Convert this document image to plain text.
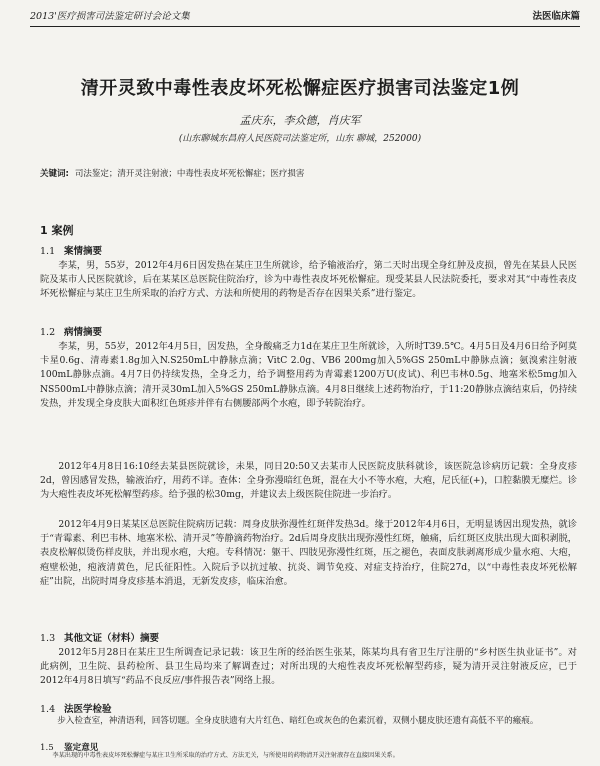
2013'医疗损害司法鉴定研讨会论文集	法医临床篇
清开灵致中毒性表皮坏死松懈症医疗损害司法鉴定1例
孟庆东，李众德，肖庆军
(山东聊城东昌府人民医院司法鉴定所，山东 聊城，252000)
关键词: 司法鉴定；清开灵注射液；中毒性表皮坏死松懈症；医疗损害
1 案例
1.1 案情摘要

李某，男，55岁，2012年4月6日因发热在某庄卫生所就诊，给予输液治疗，第二天时出现全身红肿及皮损，曾先在某县人民医院及某市人民医院就诊，后在某某区总医院住院治疗，诊为中毒性表皮坏死松懈症。现受某县人民法院委托，要求对其“中毒性表皮坏死松懈症与某庄卫生所采取的治疗方式、方法和所使用的药物是否存在因果关系”进行鉴定。

1.2 病情摘要

李某，男，55岁，2012年4月5日，因发热，全身酸痛乏力1d在某庄卫生所就诊，入所时T39.5℃。4月5日及4月6日给予阿莫卡星0.6g、清毒素1.8g加入N.S250mL中静脉点滴；VitC 2.0g、VB6 200mg加入5%GS 250mL中静脉点滴；氨溴索注射液100mL静脉点滴。4月7日仍持续发热，全身乏力，给予调整用药为青霉素1200万U(皮试)、利巴韦林0.5g、地塞米松5mg加入NS500mL中静脉点滴；清开灵30mL加入5%GS 250mL静脉点滴。4月8日继续上述药物治疗，于11:20静脉点滴结束后，仍持续发热，并发现全身皮肤大面积红色斑疹并伴有右侧腰部两个水疱，即予转院治疗。

2012年4月8日16:10经去某县医院就诊，未果，同日20:50又去某市人民医院皮肤科就诊，该医院急诊病历记载：全身皮疹2d，曾因感冒发热，输液治疗，用药不详。查体：全身弥漫暗红色斑，混在大小不等水疱，大疱，尼氏征(+)，口腔黏膜无糜烂。诊为大疱性表皮坏死松解型药疹。给予强的松30mg，并建议去上级医院住院进一步治疗。

2012年4月9日某某区总医院住院病历记载：周身皮肤弥漫性红斑伴发热3d。缘于2012年4月6日，无明显诱因出现发热，就诊于“青霉素、利巴韦林、地塞米松、清开灵”等静滴药物治疗。2d后周身皮肤出现弥漫性红斑，触痛，后红斑区皮肤出现大面积剥脱，表皮松解似烫伤样皮肤，并出现水疱，大疱。专科情况：躯干、四肢见弥漫性红斑，压之褪色，表面皮肤剥离形成少量水疱、大疱，疱壁松弛，疱液清黄色，尼氏征阳性。入院后予以抗过敏、抗炎、调节免疫、对症支持治疗，住院27d，以“中毒性表皮坏死松解症”出院，出院时周身皮疹基本消退，无新发皮疹，临床治愈。

1.3 其他文证（材料）摘要

2012年5月28日在某庄卫生所调查记录记载：该卫生所的经治医生张某，陈某均具有省卫生厅注册的“乡村医生执业证书”。对此病例，卫生院、县药检所、县卫生局均来了解调查过；对所出现的大疱性表皮坏死松解型药疹，疑为清开灵注射液反应，已于2012年4月8日填写“药品不良反应/事件报告表”网络上报。

1.4 法医学检验

步入检查室，神清语利，回答切题。全身皮肤遗有大片红色、暗红色或灰色的色素沉着，双侧小腿皮肤还遗有高低不平的瘢痕。

1.5 鉴定意见

李某出现的中毒性表皮坏死松懈症与某庄卫生所采取的治疗方式、方法无关，与所使用的药物清开灵注射液存在直接因果关系。
